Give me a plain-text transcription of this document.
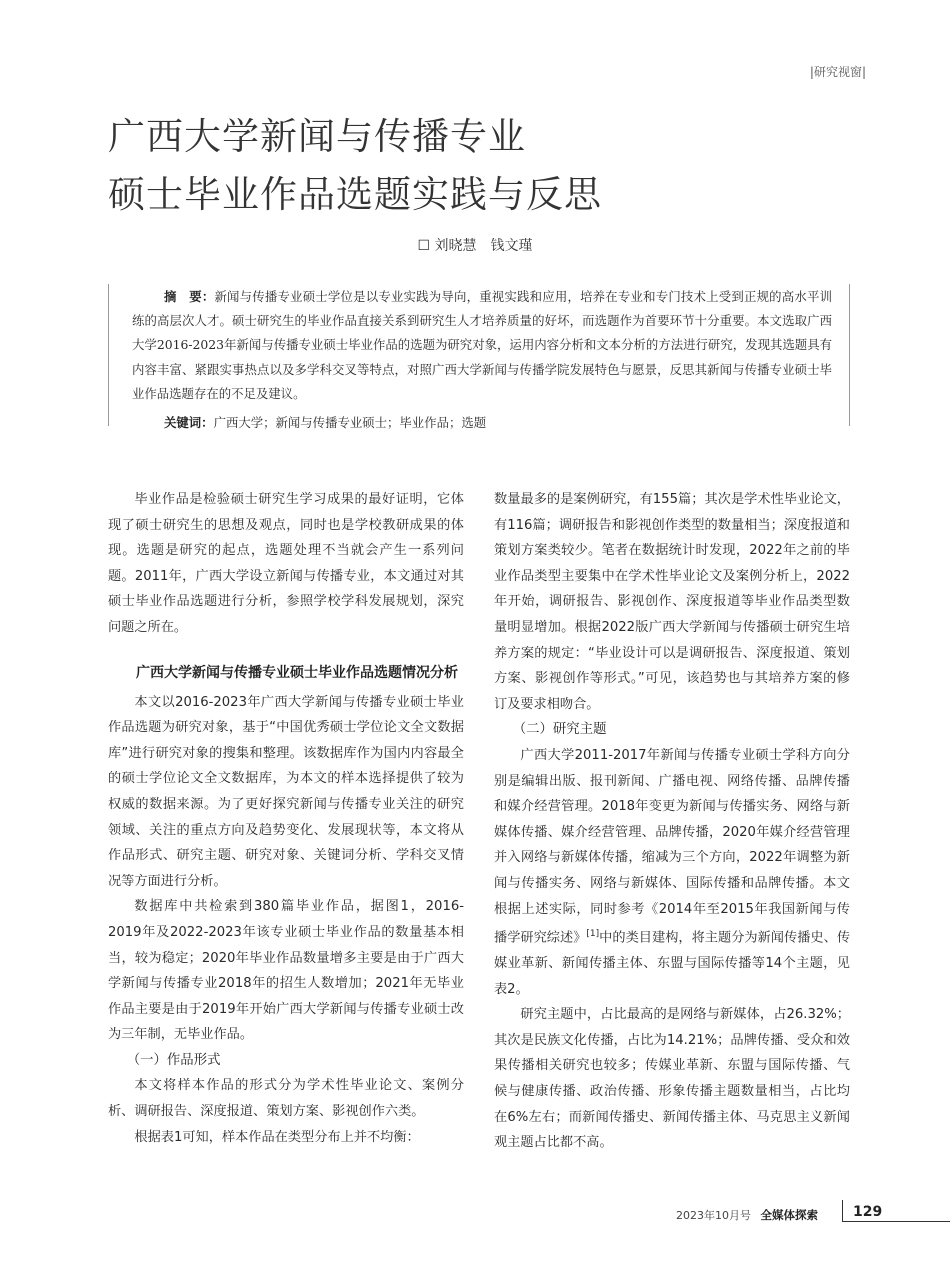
|研究视窗|
广西大学新闻与传播专业
硕士毕业作品选题实践与反思
☐ 刘晓慧　钱文瑾

摘　要：新闻与传播专业硕士学位是以专业实践为导向，重视实践和应用，培养在专业和专门技术上受到正规的高水平训练的高层次人才。硕士研究生的毕业作品直接关系到研究生人才培养质量的好坏，而选题作为首要环节十分重要。本文选取广西大学2016-2023年新闻与传播专业硕士毕业作品的选题为研究对象，运用内容分析和文本分析的方法进行研究，发现其选题具有内容丰富、紧跟实事热点以及多学科交叉等特点，对照广西大学新闻与传播学院发展特色与愿景，反思其新闻与传播专业硕士毕业作品选题存在的不足及建议。

关键词：广西大学；新闻与传播专业硕士；毕业作品；选题

毕业作品是检验硕士研究生学习成果的最好证明，它体现了硕士研究生的思想及观点，同时也是学校教研成果的体现。选题是研究的起点，选题处理不当就会产生一系列问题。2011年，广西大学设立新闻与传播专业，本文通过对其硕士毕业作品选题进行分析，参照学校学科发展规划，深究问题之所在。

广西大学新闻与传播专业硕士毕业作品选题情况分析

本文以2016-2023年广西大学新闻与传播专业硕士毕业作品选题为研究对象，基于“中国优秀硕士学位论文全文数据库”进行研究对象的搜集和整理。该数据库作为国内内容最全的硕士学位论文全文数据库，为本文的样本选择提供了较为权威的数据来源。为了更好探究新闻与传播专业关注的研究领域、关注的重点方向及趋势变化、发展现状等，本文将从作品形式、研究主题、研究对象、关键词分析、学科交叉情况等方面进行分析。

数据库中共检索到380篇毕业作品，据图1，2016-2019年及2022-2023年该专业硕士毕业作品的数量基本相当，较为稳定；2020年毕业作品数量增多主要是由于广西大学新闻与传播专业2018年的招生人数增加；2021年无毕业作品主要是由于2019年开始广西大学新闻与传播专业硕士改为三年制，无毕业作品。

（一）作品形式

本文将样本作品的形式分为学术性毕业论文、案例分析、调研报告、深度报道、策划方案、影视创作六类。

根据表1可知，样本作品在类型分布上并不均衡：

数量最多的是案例研究，有155篇；其次是学术性毕业论文，有116篇；调研报告和影视创作类型的数量相当；深度报道和策划方案类较少。笔者在数据统计时发现，2022年之前的毕业作品类型主要集中在学术性毕业论文及案例分析上，2022年开始，调研报告、影视创作、深度报道等毕业作品类型数量明显增加。根据2022版广西大学新闻与传播硕士研究生培养方案的规定：“毕业设计可以是调研报告、深度报道、策划方案、影视创作等形式。”可见，该趋势也与其培养方案的修订及要求相吻合。

（二）研究主题

广西大学2011-2017年新闻与传播专业硕士学科方向分别是编辑出版、报刊新闻、广播电视、网络传播、品牌传播和媒介经营管理。2018年变更为新闻与传播实务、网络与新媒体传播、媒介经营管理、品牌传播，2020年媒介经营管理并入网络与新媒体传播，缩减为三个方向，2022年调整为新闻与传播实务、网络与新媒体、国际传播和品牌传播。本文根据上述实际，同时参考《2014年至2015年我国新闻与传播学研究综述》[1]中的类目建构，将主题分为新闻传播史、传媒业革新、新闻传播主体、东盟与国际传播等14个主题，见表2。

研究主题中，占比最高的是网络与新媒体，占26.32%；其次是民族文化传播，占比为14.21%；品牌传播、受众和效果传播相关研究也较多；传媒业革新、东盟与国际传播、气候与健康传播、政治传播、形象传播主题数量相当，占比均在6%左右；而新闻传播史、新闻传播主体、马克思主义新闻观主题占比都不高。

2023年10月号 全媒体探索	129
